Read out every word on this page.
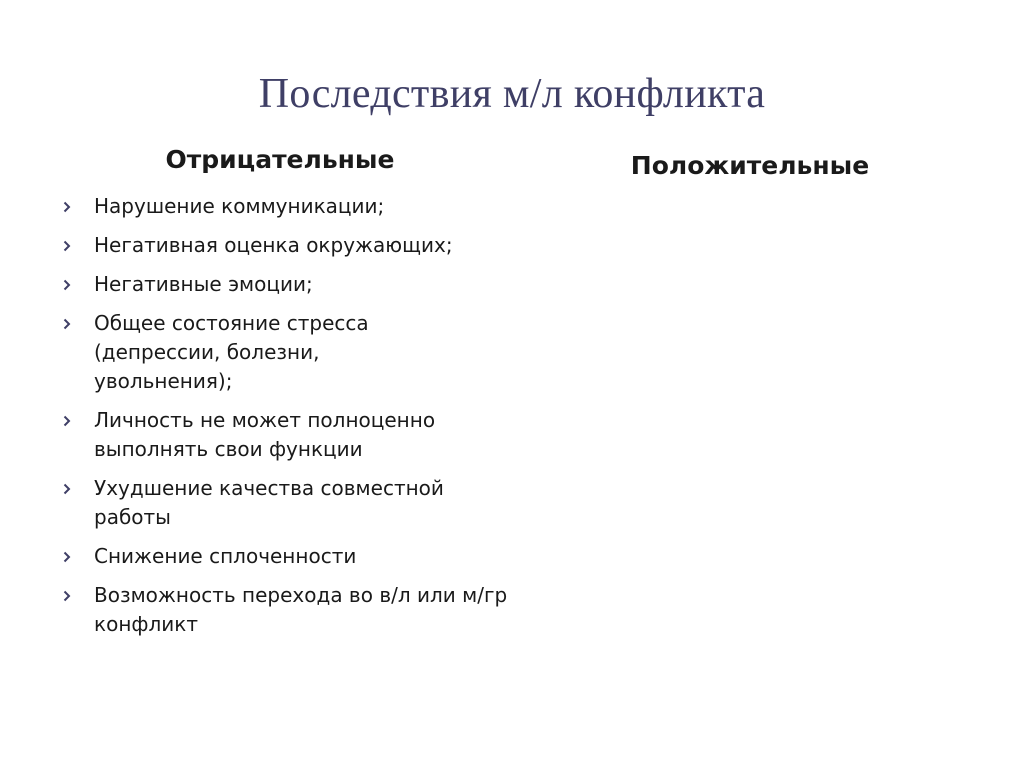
Последствия м/л конфликта
Отрицательные	Положительные
Нарушение коммуникации;
Негативная оценка окружающих;
Негативные эмоции;
Общее состояние стресса (депрессии, болезни, увольнения);
Личность не может полноценно выполнять свои функции
Ухудшение качества совместной работы
Снижение сплоченности
Возможность перехода во в/л или м/гр конфликт
